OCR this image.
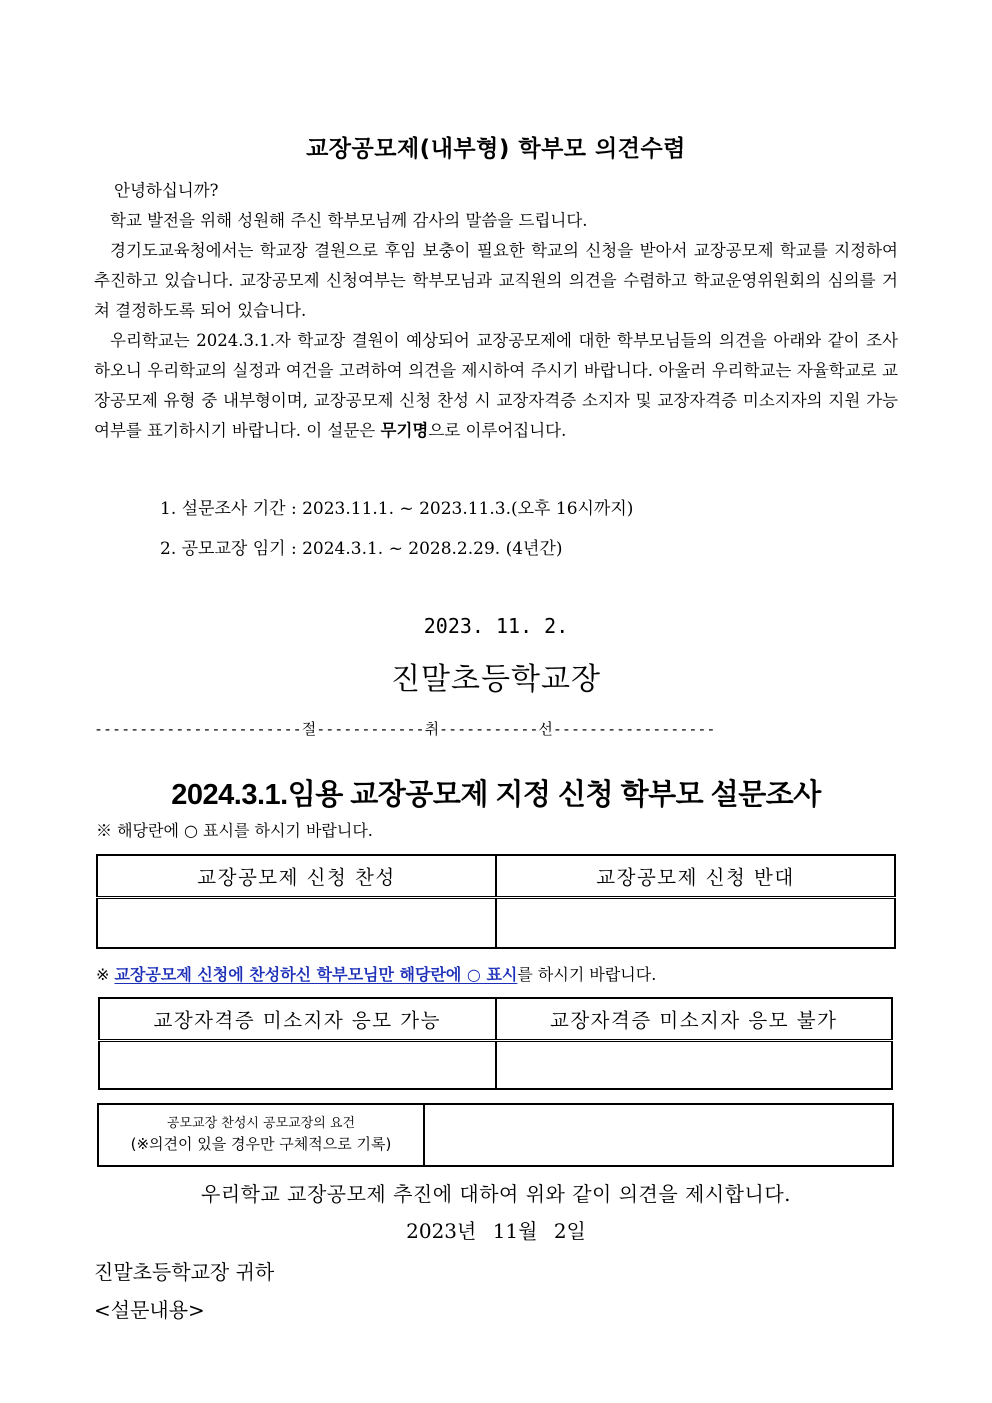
교장공모제(내부형) 학부모 의견수렴

안녕하십니까?

학교 발전을 위해 성원해 주신 학부모님께 감사의 말씀을 드립니다.

경기도교육청에서는 학교장 결원으로 후임 보충이 필요한 학교의 신청을 받아서 교장공모제 학교를 지정하여 추진하고 있습니다. 교장공모제 신청여부는 학부모님과 교직원의 의견을 수렴하고 학교운영위원회의 심의를 거쳐 결정하도록 되어 있습니다.

우리학교는 2024.3.1.자 학교장 결원이 예상되어 교장공모제에 대한 학부모님들의 의견을 아래와 같이 조사하오니 우리학교의 실정과 여건을 고려하여 의견을 제시하여 주시기 바랍니다. 아울러 우리학교는 자율학교로 교장공모제 유형 중 내부형이며, 교장공모제 신청 찬성 시 교장자격증 소지자 및 교장자격증 미소지자의 지원 가능 여부를 표기하시기 바랍니다. 이 설문은 무기명으로 이루어집니다.

1. 설문조사 기간 : 2023.11.1. ~ 2023.11.3.(오후 16시까지)
2. 공모교장 임기 : 2024.3.1. ~ 2028.2.29. (4년간)
2023. 11. 2.
진말초등학교장
-----------------------절------------취-----------선------------------
2024.3.1.임용 교장공모제 지정 신청 학부모 설문조사
※ 해당란에 ○ 표시를 하시기 바랍니다.
교장공모제 신청 찬성	교장공모제 신청 반대

※ 교장공모제 신청에 찬성하신 학부모님만 해당란에 ○ 표시를 하시기 바랍니다.
교장자격증 미소지자 응모 가능	교장자격증 미소지자 응모 불가

공모교장 찬성시 공모교장의 요건
(※의견이 있을 경우만 구체적으로 기록)

우리학교 교장공모제 추진에 대하여 위와 같이 의견을 제시합니다.
2023년 11월 2일
진말초등학교장 귀하
<설문내용>
